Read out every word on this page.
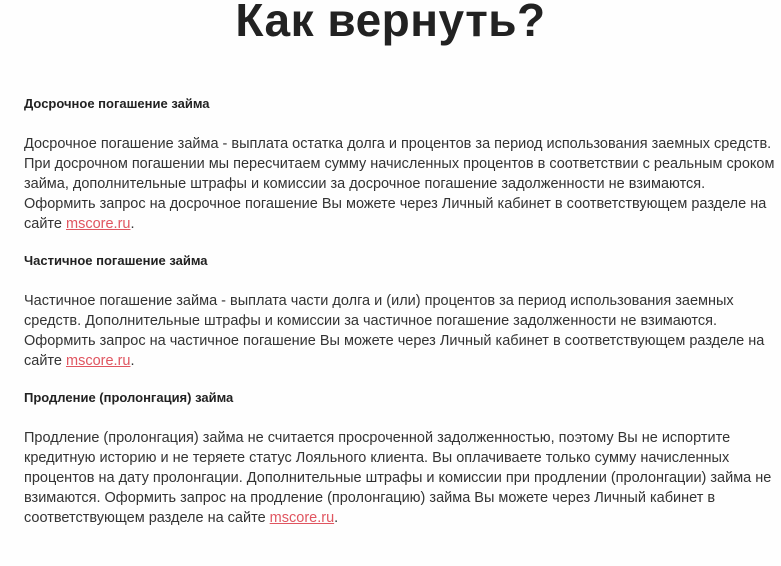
Как вернуть?

Досрочное погашение займа

Досрочное погашение займа - выплата остатка долга и процентов за период использования заемных средств. При досрочном погашении мы пересчитаем сумму начисленных процентов в соответствии с реальным сроком займа, дополнительные штрафы и комиссии за досрочное погашение задолженности не взимаются. Оформить запрос на досрочное погашение Вы можете через Личный кабинет в соответствующем разделе на сайте mscore.ru.

Частичное погашение займа

Частичное погашение займа - выплата части долга и (или) процентов за период использования заемных средств. Дополнительные штрафы и комиссии за частичное погашение задолженности не взимаются. Оформить запрос на частичное погашение Вы можете через Личный кабинет в соответствующем разделе на сайте mscore.ru.

Продление (пролонгация) займа

Продление (пролонгация) займа не считается просроченной задолженностью, поэтому Вы не испортите кредитную историю и не теряете статус Лояльного клиента. Вы оплачиваете только сумму начисленных процентов на дату пролонгации. Дополнительные штрафы и комиссии при продлении (пролонгации) займа не взимаются. Оформить запрос на продление (пролонгацию) займа Вы можете через Личный кабинет в соответствующем разделе на сайте mscore.ru.
